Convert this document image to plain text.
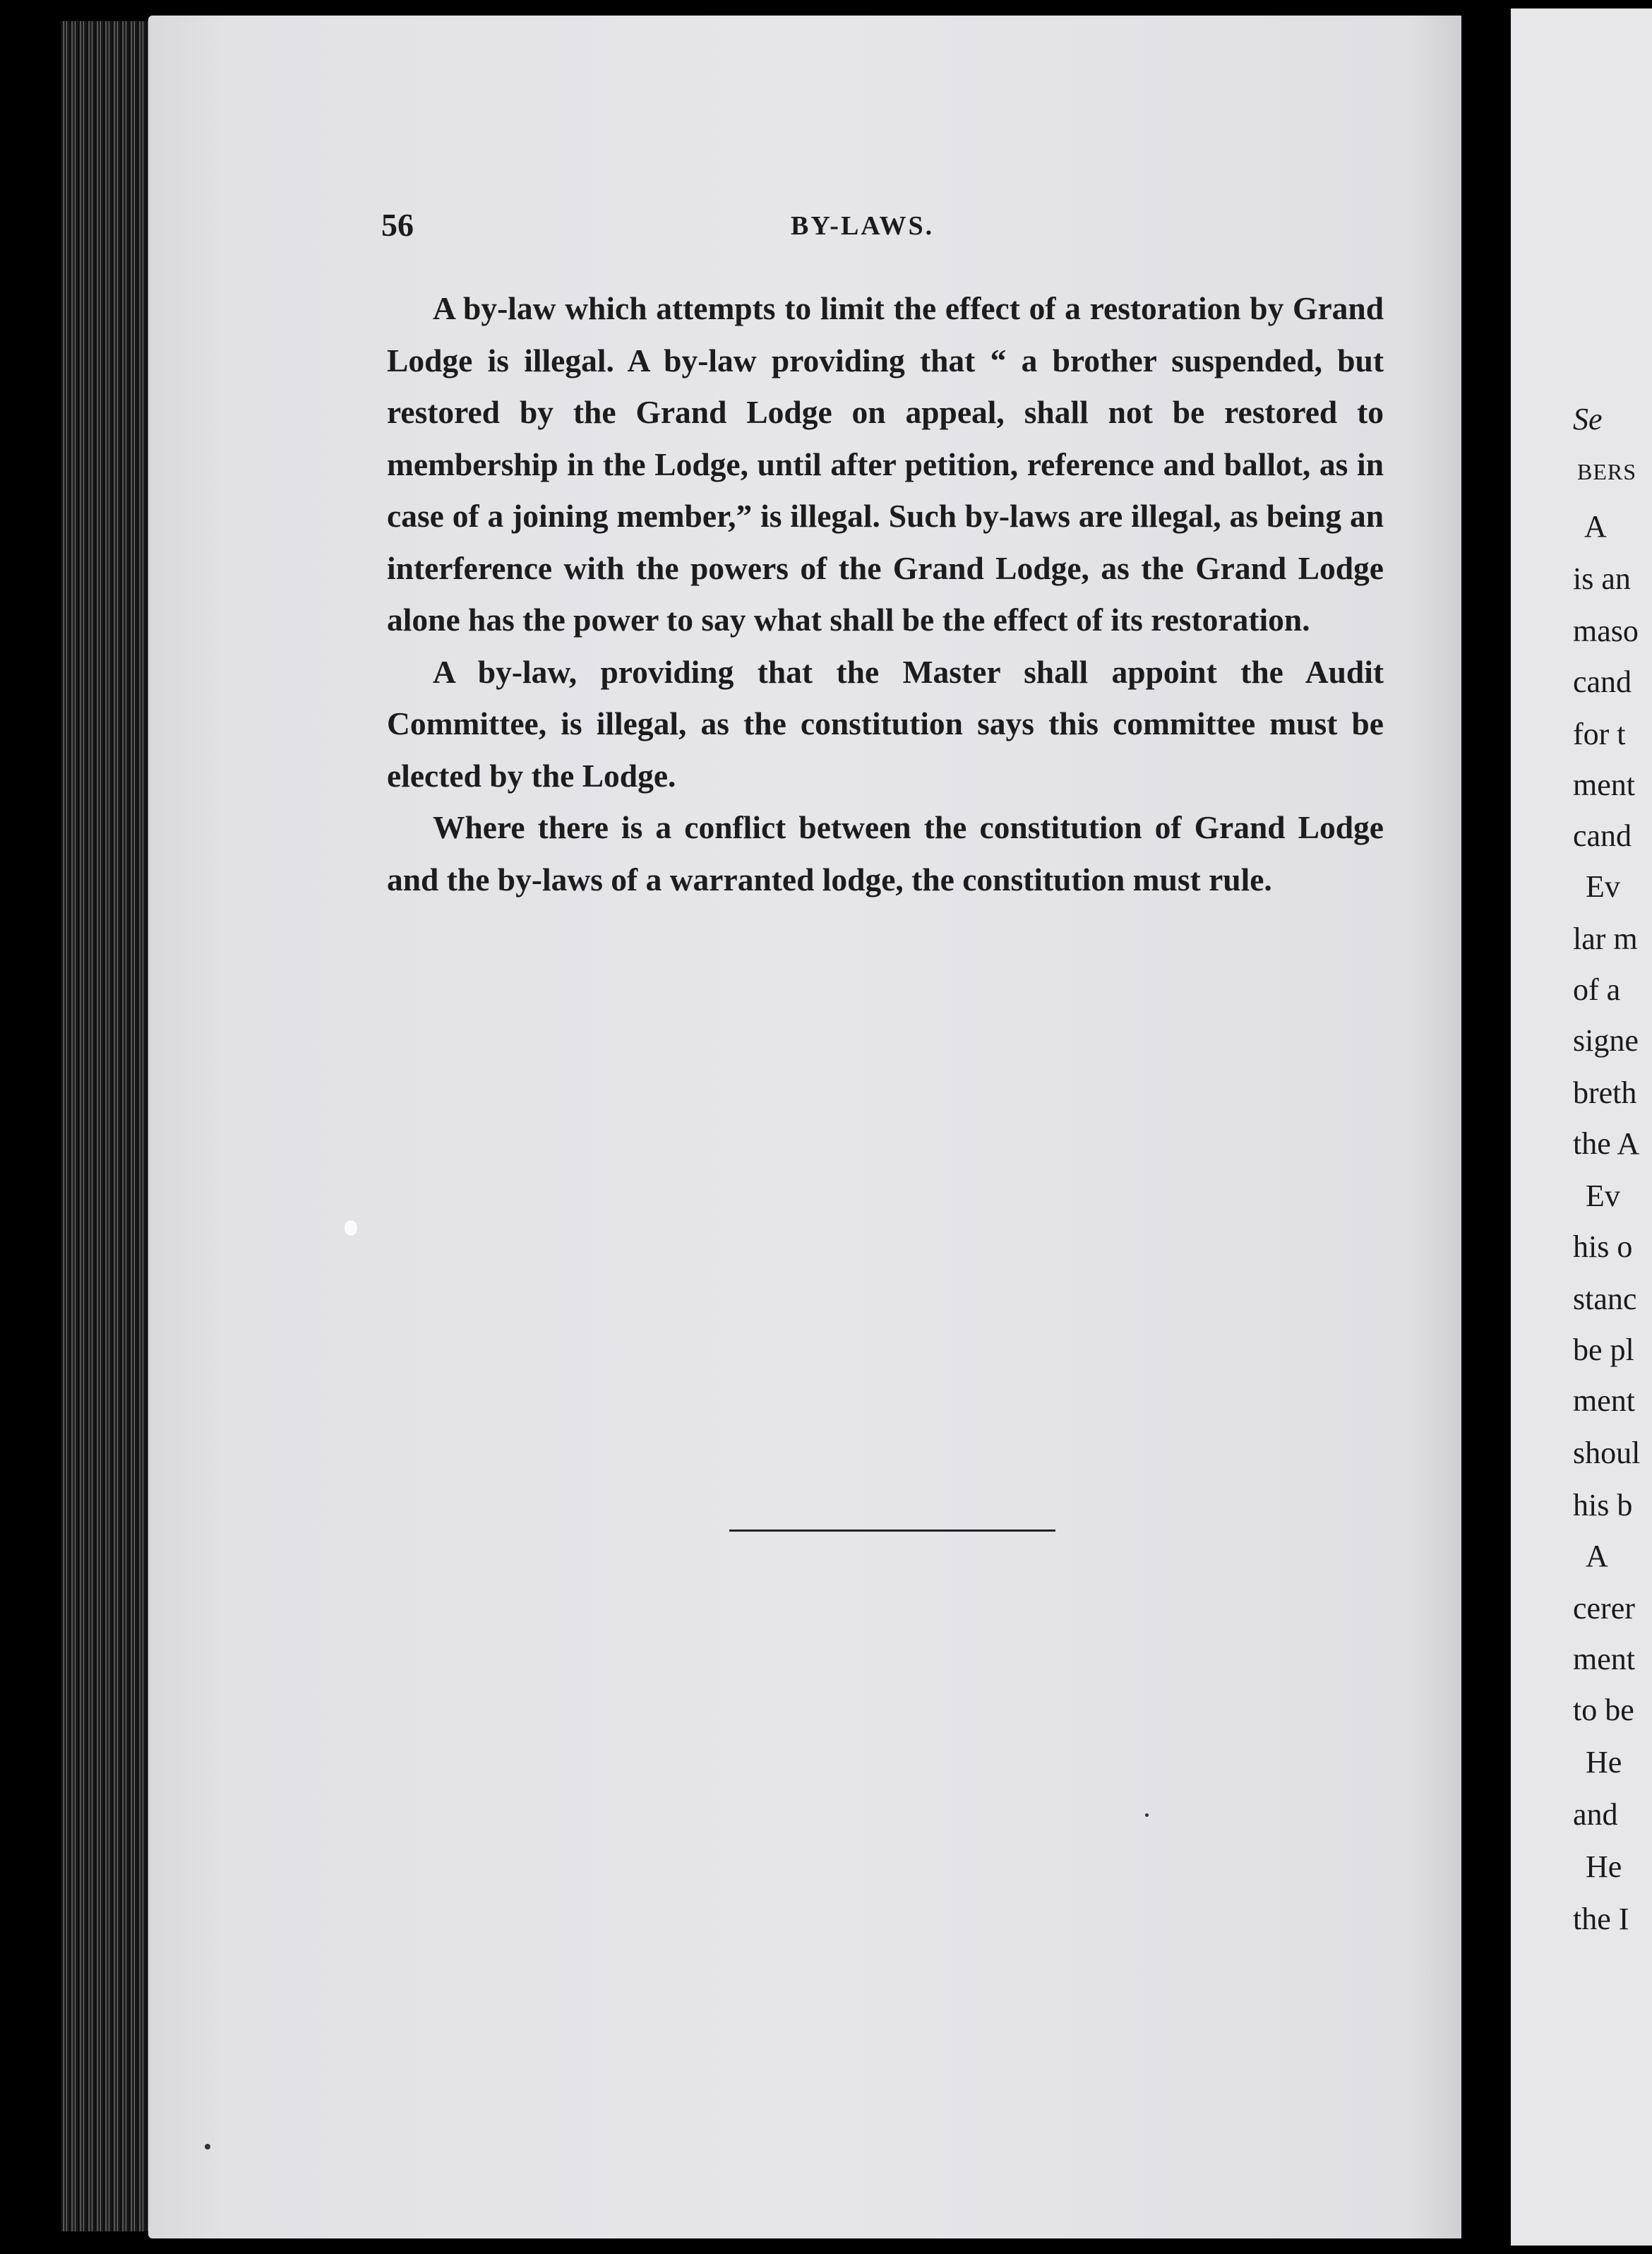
Se
BERS
A
is an
maso
cand
for t
ment
cand
Ev
lar m
of a
signe
breth
the A
Ev
his o
stanc
be pl
ment
shoul
his b
A
cerer
ment
to be
He
and
He
the I
56	BY-LAWS.

A by-law which attempts to limit the effect of a restoration by Grand Lodge is illegal. A by-law providing that “ a brother suspended, but restored by the Grand Lodge on appeal, shall not be restored to membership in the Lodge, until after petition, reference and ballot, as in case of a joining member,” is illegal. Such by-laws are illegal, as being an interference with the powers of the Grand Lodge, as the Grand Lodge alone has the power to say what shall be the effect of its restoration.

A by-law, providing that the Master shall appoint the Audit Committee, is illegal, as the constitution says this committee must be elected by the Lodge.

Where there is a conflict between the constitution of Grand Lodge and the by-laws of a warranted lodge, the constitution must rule.
